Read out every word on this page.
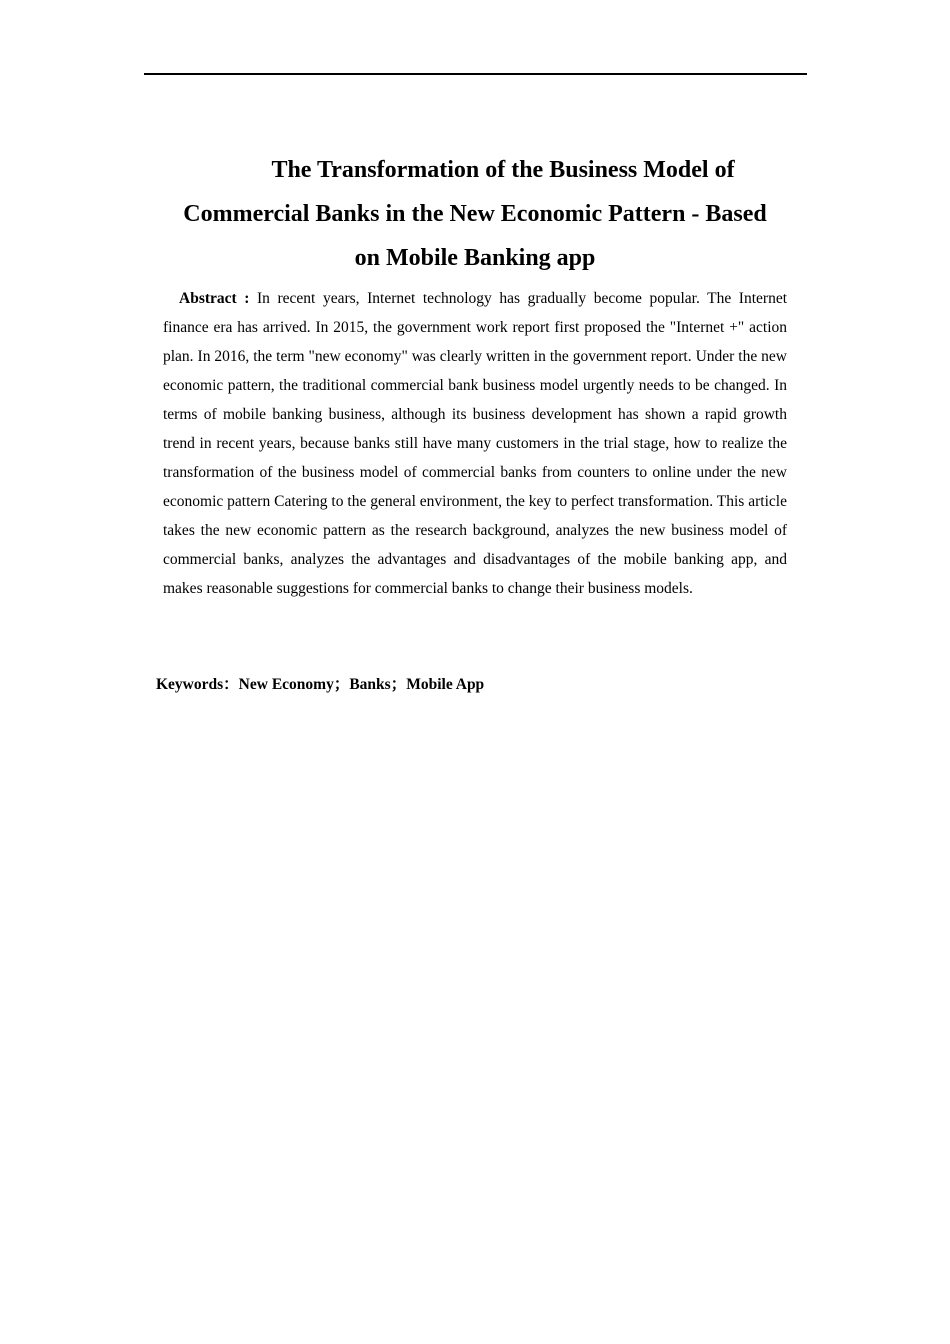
The Transformation of the Business Model of
Commercial Banks in the New Economic Pattern - Based
on Mobile Banking app

Abstract : In recent years, Internet technology has gradually become popular. The Internet finance era has arrived. In 2015, the government work report first proposed the "Internet +" action plan. In 2016, the term "new economy" was clearly written in the government report. Under the new economic pattern, the traditional commercial bank business model urgently needs to be changed. In terms of mobile banking business, although its business development has shown a rapid growth trend in recent years, because banks still have many customers in the trial stage, how to realize the transformation of the business model of commercial banks from counters to online under the new economic pattern Catering to the general environment, the key to perfect transformation. This article takes the new economic pattern as the research background, analyzes the new business model of commercial banks, analyzes the advantages and disadvantages of the mobile banking app, and makes reasonable suggestions for commercial banks to change their business models.

Keywords：New Economy；Banks；Mobile App
